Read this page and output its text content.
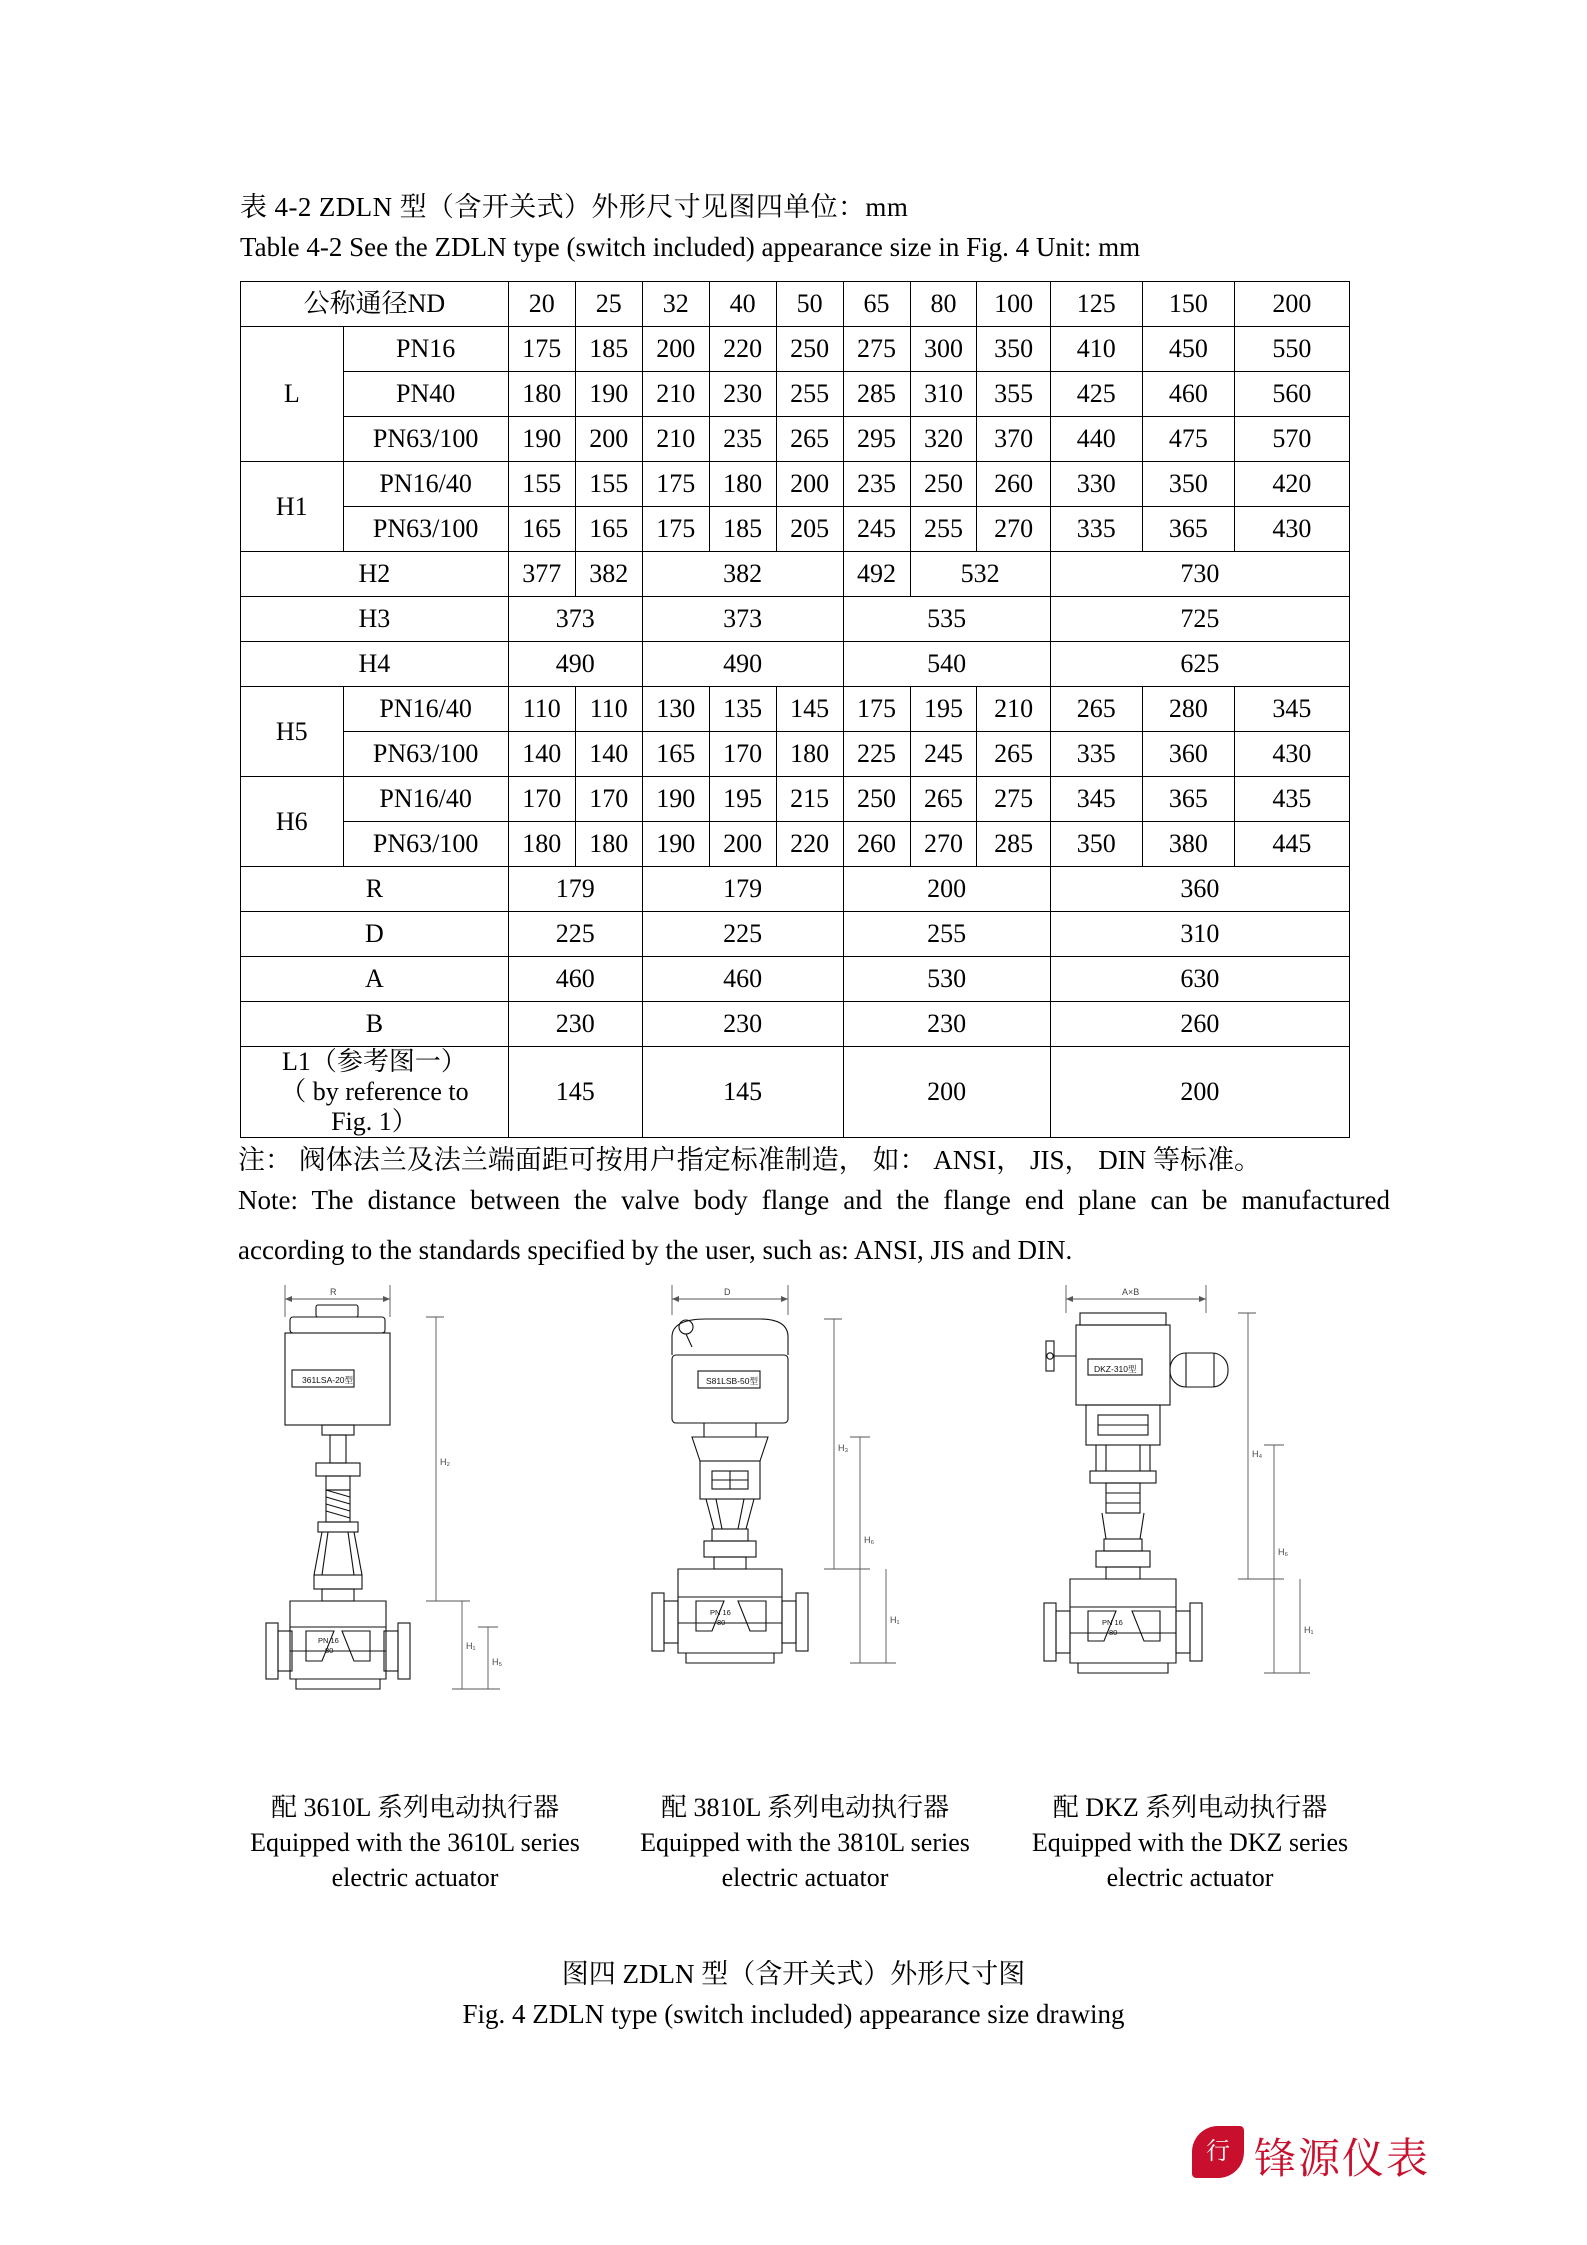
表 4-2 ZDLN 型（含开关式）外形尺寸见图四单位：mm
Table 4-2 See the ZDLN type (switch included) appearance size in Fig. 4 Unit: mm
公称通径ND		20	25	32	40	50	65	80	100	125	150	200
L	PN16	175	185	200	220	250	275	300	350	410	450	550
	PN40	180	190	210	230	255	285	310	355	425	460	560
	PN63/100	190	200	210	235	265	295	320	370	440	475	570
H1	PN16/40	155	155	175	180	200	235	250	260	330	350	420
	PN63/100	165	165	175	185	205	245	255	270	335	365	430
H2		377	382	382			492	532		730		
H3		373		373			535			725		
H4		490		490			540			625		
H5	PN16/40	110	110	130	135	145	175	195	210	265	280	345
	PN63/100	140	140	165	170	180	225	245	265	335	360	430
H6	PN16/40	170	170	190	195	215	250	265	275	345	365	435
	PN63/100	180	180	190	200	220	260	270	285	350	380	445
R		179		179			200			360		
D		225		225			255			310		
A		460		460			530			630		
B		230		230			230			260		

L1（参考图一）
（ by reference to
Fig. 1）		145		145			200			200		
注： 阀体法兰及法兰端面距可按用户指定标准制造， 如： ANSI， JIS， DIN 等标准。
Note: The distance between the valve body flange and the flange end plane can be manufactured
according to the standards specified by the user, such as: ANSI, JIS and DIN.
361LSA-20型
PN 16
80
H₂
H₁
H₅
R
S81LSB-50型
PN 16
80
H₃
H₆
H₁
D
DKZ-310型
PN 16
80
H₄
H₆
H₁
A×B
配 3610L 系列电动执行器
Equipped with the 3610L series
electric actuator
配 3810L 系列电动执行器
Equipped with the 3810L series
electric actuator
配 DKZ 系列电动执行器
Equipped with the DKZ series
electric actuator
图四 ZDLN 型（含开关式）外形尺寸图
Fig. 4 ZDLN type (switch included) appearance size drawing
行 锋源仪表
